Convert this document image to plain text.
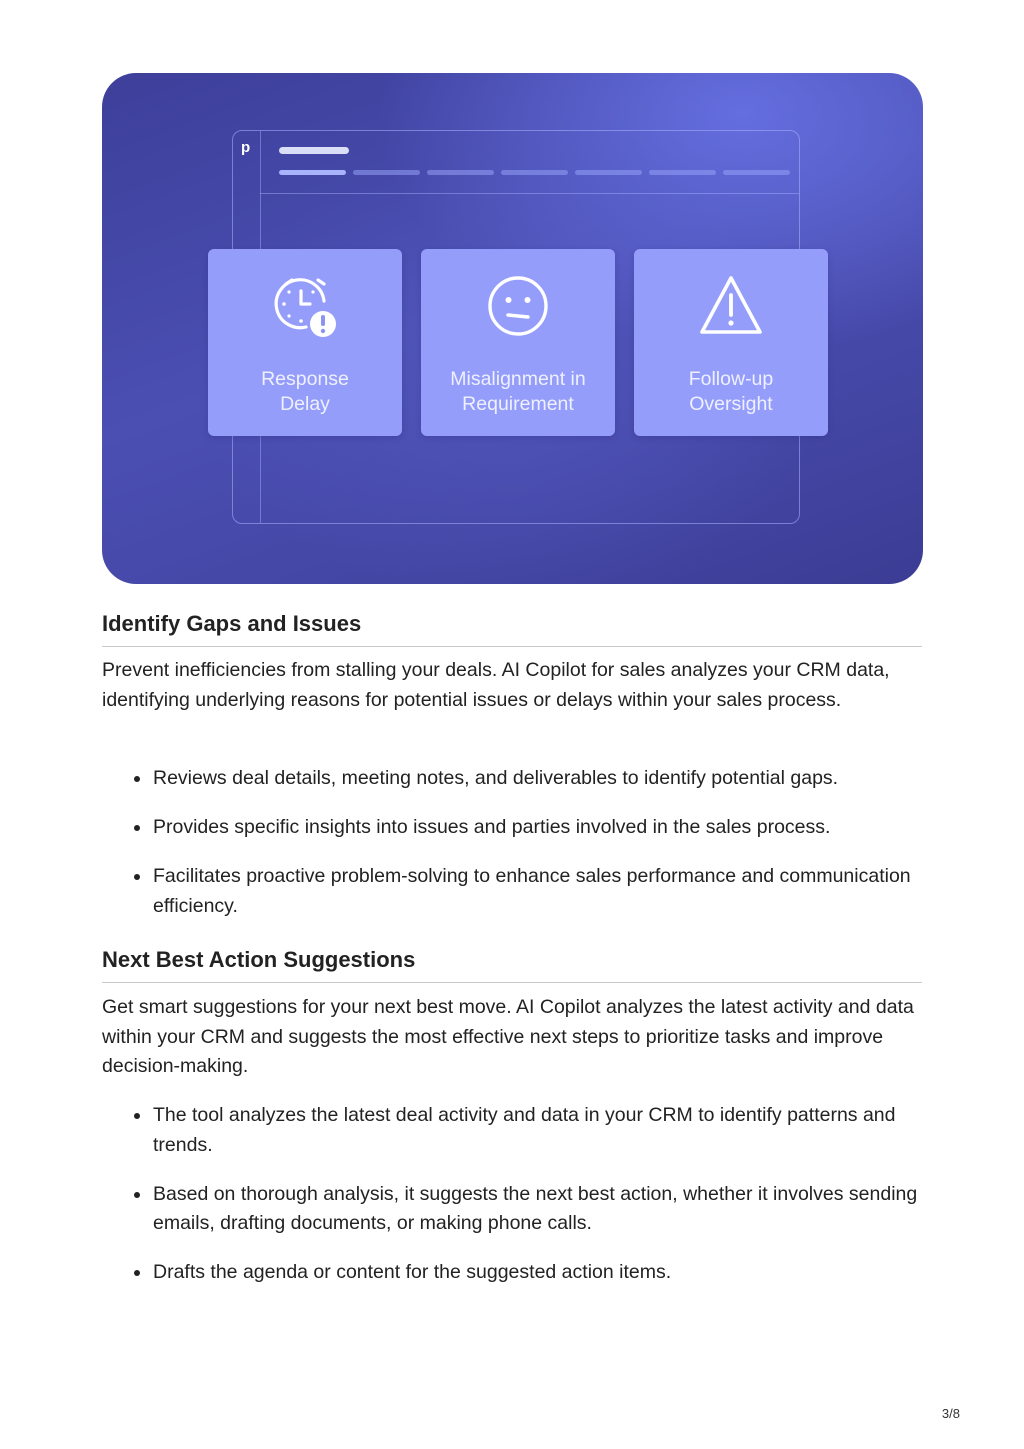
p
Response
Delay
Misalignment in
Requirement
Follow-up
Oversight
Identify Gaps and Issues

Prevent inefficiencies from stalling your deals. AI Copilot for sales analyzes your CRM data, identifying underlying reasons for potential issues or delays within your sales process.

Reviews deal details, meeting notes, and deliverables to identify potential gaps.
Provides specific insights into issues and parties involved in the sales process.
Facilitates proactive problem-solving to enhance sales performance and communication efficiency.
Next Best Action Suggestions

Get smart suggestions for your next best move. AI Copilot analyzes the latest activity and data within your CRM and suggests the most effective next steps to prioritize tasks and improve decision-making.

The tool analyzes the latest deal activity and data in your CRM to identify patterns and trends.
Based on thorough analysis, it suggests the next best action, whether it involves sending emails, drafting documents, or making phone calls.
Drafts the agenda or content for the suggested action items.
3/8
